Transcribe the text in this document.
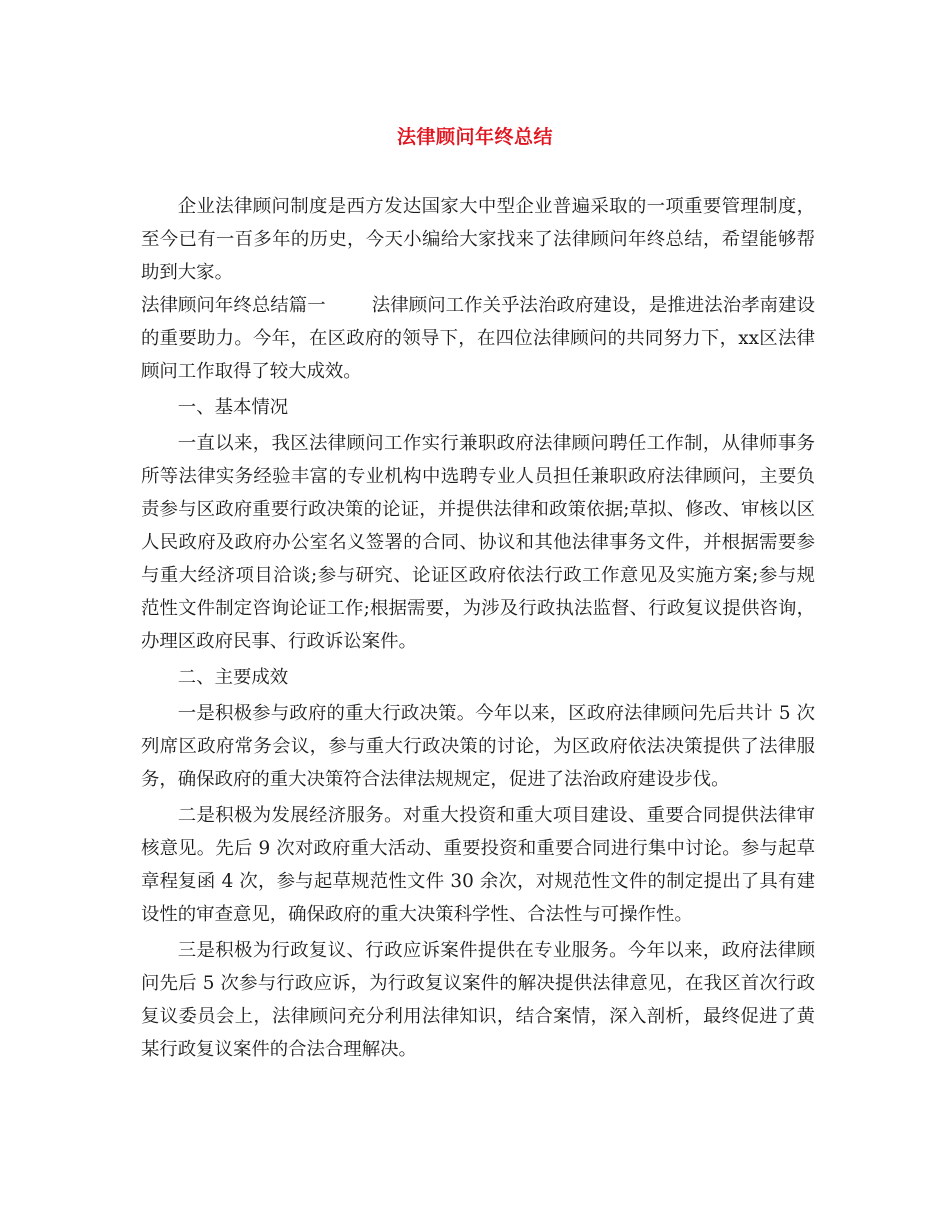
法律顾问年终总结

企业法律顾问制度是西方发达国家大中型企业普遍采取的一项重要管理制度，至今已有一百多年的历史，今天小编给大家找来了法律顾问年终总结，希望能够帮助到大家。

法律顾问年终总结篇一	法律顾问工作关乎法治政府建设，是推进法治孝南建设的重要助力。今年，在区政府的领导下，在四位法律顾问的共同努力下，xx区法律顾问工作取得了较大成效。

一、基本情况

一直以来，我区法律顾问工作实行兼职政府法律顾问聘任工作制，从律师事务所等法律实务经验丰富的专业机构中选聘专业人员担任兼职政府法律顾问，主要负责参与区政府重要行政决策的论证，并提供法律和政策依据;草拟、修改、审核以区人民政府及政府办公室名义签署的合同、协议和其他法律事务文件，并根据需要参与重大经济项目洽谈;参与研究、论证区政府依法行政工作意见及实施方案;参与规范性文件制定咨询论证工作;根据需要，为涉及行政执法监督、行政复议提供咨询，办理区政府民事、行政诉讼案件。

二、主要成效

一是积极参与政府的重大行政决策。今年以来，区政府法律顾问先后共计 5 次列席区政府常务会议，参与重大行政决策的讨论，为区政府依法决策提供了法律服务，确保政府的重大决策符合法律法规规定，促进了法治政府建设步伐。

二是积极为发展经济服务。对重大投资和重大项目建设、重要合同提供法律审核意见。先后 9 次对政府重大活动、重要投资和重要合同进行集中讨论。参与起草章程复函 4 次，参与起草规范性文件 30 余次，对规范性文件的制定提出了具有建设性的审查意见，确保政府的重大决策科学性、合法性与可操作性。

三是积极为行政复议、行政应诉案件提供在专业服务。今年以来，政府法律顾问先后 5 次参与行政应诉，为行政复议案件的解决提供法律意见，在我区首次行政复议委员会上，法律顾问充分利用法律知识，结合案情，深入剖析，最终促进了黄某行政复议案件的合法合理解决。
